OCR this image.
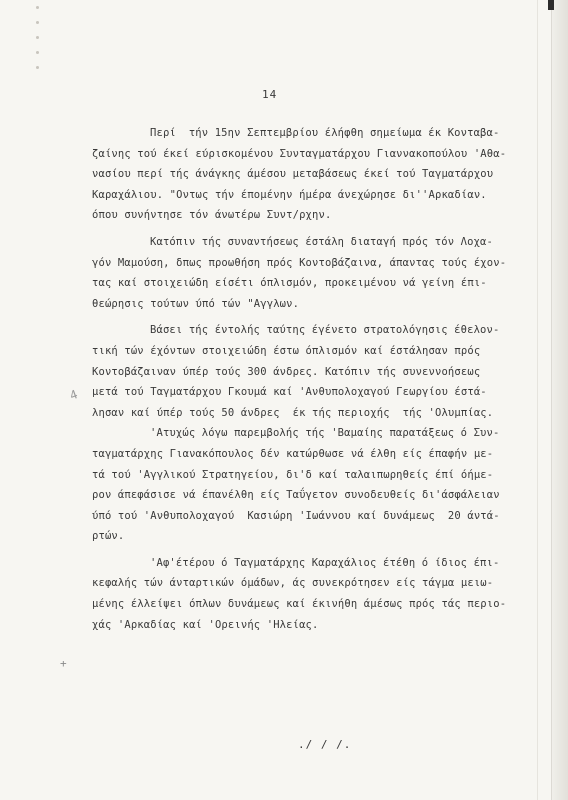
14
Περί  τήν 15ην Σεπτεμβρίου έλήφθη σημείωμα έκ Κονταβα-
ζαίνης τού έκεί εύρισκομένου Συνταγματάρχου Γιαννακοπούλου 'Αθα-
νασίου περί τής άνάγκης άμέσου μεταβάσεως έκεί τού Ταγματάρχου
Καραχάλιου. "Οντως τήν έπομένην ήμέρα άνεχώρησε δι''Αρκαδίαν.
όπου συνήντησε τόν άνωτέρω Συντ/ρχην.
Κατόπιν τής συναντήσεως έστάλη διαταγή πρός τόν Λοχα-
γόν Μαμούση, δπως προωθήση πρός Κοντοβάζαινα, άπαντας τούς έχον-
τας καί στοιχειώδη είσέτι όπλισμόν, προκειμένου νά γείνη έπι-
θεώρησις τούτων ύπό τών "Αγγλων.
Βάσει τής έντολής ταύτης έγένετο στρατολόγησις έθελον-
τική τών έχόντων στοιχειώδη έστω όπλισμόν καί έστάλησαν πρός
Κοντοβάζαιναν ύπέρ τούς 300 άνδρες. Κατόπιν τής συνεννοήσεως
μετά τού Ταγματάρχου Γκουμά καί 'Ανθυπολοχαγού Γεωργίου έστά-
λησαν καί ύπέρ τούς 50 άνδρες  έκ τής περιοχής  τής 'Ολυμπίας.
'Ατυχώς λόγω παρεμβολής τής 'Βαμαίης παρατάξεως ό Συν-
ταγματάρχης Γιανακόπουλος δέν κατώρθωσε νά έλθη είς έπαφήν με-
τά τού 'Αγγλικού Στρατηγείου, δι'δ καί ταλαιπωρηθείς έπί όήμε-
ρον άπεφάσισε νά έπανέλθη είς Ταΰγετον συνοδευθείς δι'άσφάλειαν
ύπό τού 'Ανθυπολοχαγού  Κασιώρη 'Ιωάννου καί δυνάμεως  20 άντά-
ρτών.
'Αφ'έτέρου ό Ταγματάρχης Καραχάλιος έτέθη ό ίδιος έπι-
κεφαλής τών άνταρτικών όμάδων, άς συνεκρότησεν είς τάγμα μειω-
μένης έλλείψει όπλων δυνάμεως καί έκινήθη άμέσως πρός τάς περιο-
χάς 'Αρκαδίας καί 'Ορεινής 'Ηλείας.
4
+
./ / /.
